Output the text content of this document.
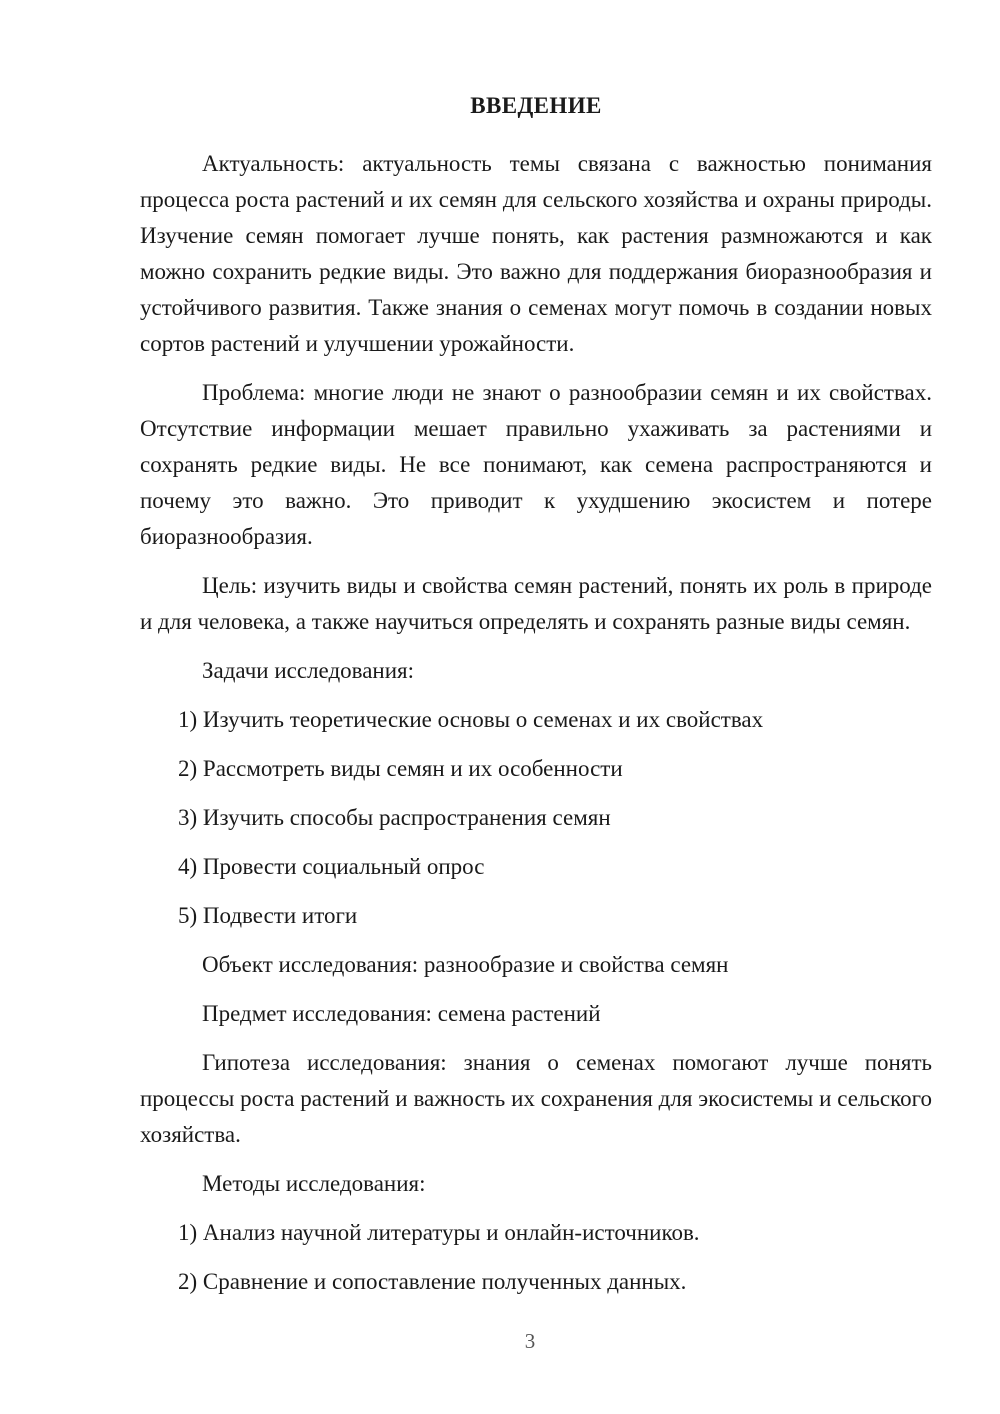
ВВЕДЕНИЕ

Актуальность: актуальность темы связана с важностью понимания процесса роста растений и их семян для сельского хозяйства и охраны природы. Изучение семян помогает лучше понять, как растения размножаются и как можно сохранить редкие виды. Это важно для поддержания биоразнообразия и устойчивого развития. Также знания о семенах могут помочь в создании новых сортов растений и улучшении урожайности.

Проблема: многие люди не знают о разнообразии семян и их свойствах. Отсутствие информации мешает правильно ухаживать за растениями и сохранять редкие виды. Не все понимают, как семена распространяются и почему это важно. Это приводит к ухудшению экосистем и потере биоразнообразия.

Цель: изучить виды и свойства семян растений, понять их роль в природе и для человека, а также научиться определять и сохранять разные виды семян.

Задачи исследования:

1) Изучить теоретические основы о семенах и их свойствах
2) Рассмотреть виды семян и их особенности
3) Изучить способы распространения семян
4) Провести социальный опрос
5) Подвести итоги

Объект исследования: разнообразие и свойства семян

Предмет исследования: семена растений

Гипотеза исследования: знания о семенах помогают лучше понять процессы роста растений и важность их сохранения для экосистемы и сельского хозяйства.

Методы исследования:

1) Анализ научной литературы и онлайн-источников.
2) Сравнение и сопоставление полученных данных.
3
